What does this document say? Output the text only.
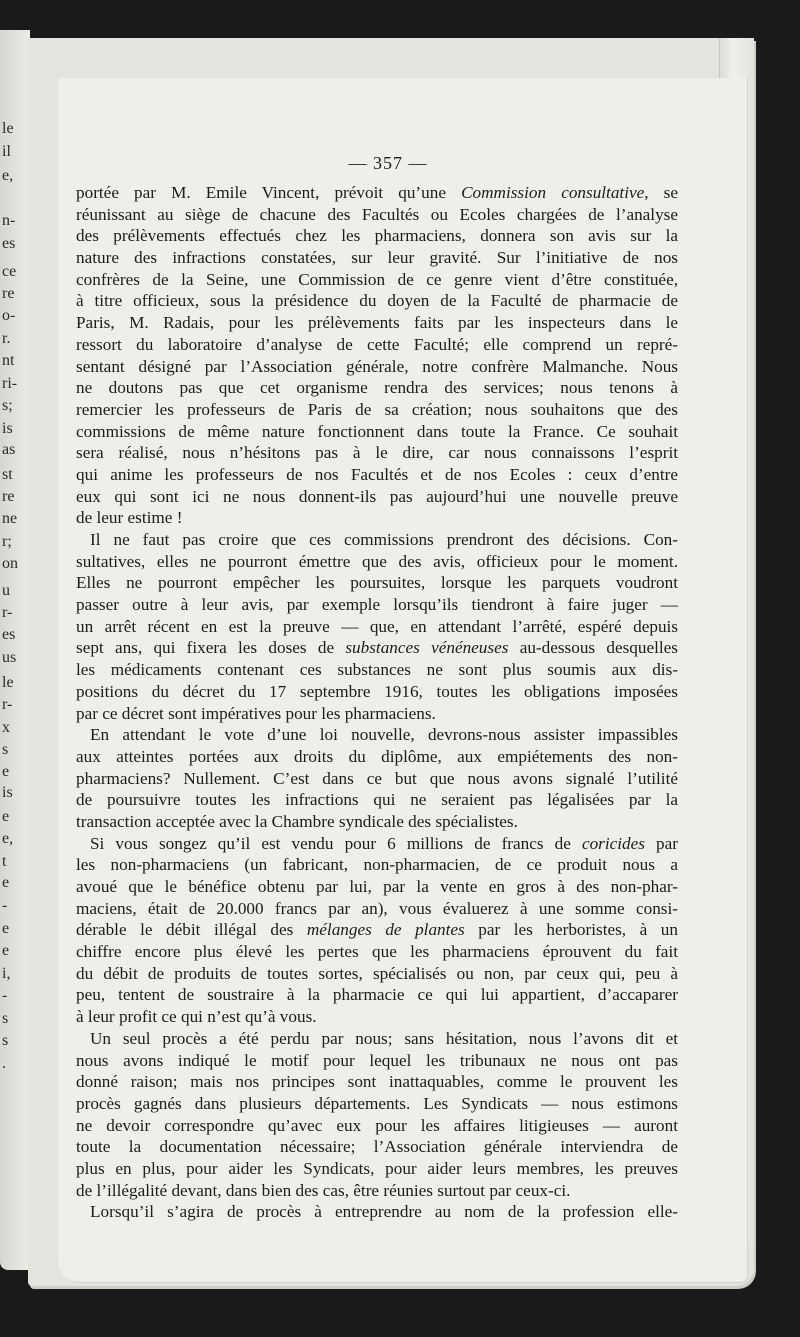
le
il
e,
n-
es
ce
re
o-
r.
nt
ri-
s;
is
as
st
re
ne
r;
on
u
r-
es
us
le
r-
x
s
e
is
e
e,
t
e
-
e
e
i,
-
s
s
.
— 357 —
portée par M. Emile Vincent, prévoit qu’une Commission consultative, se
réunissant au siège de chacune des Facultés ou Ecoles chargées de l’analyse
des prélèvements effectués chez les pharmaciens, donnera son avis sur la
nature des infractions constatées, sur leur gravité. Sur l’initiative de nos
confrères de la Seine, une Commission de ce genre vient d’être constituée,
à titre officieux, sous la présidence du doyen de la Faculté de pharmacie de
Paris, M. Radais, pour les prélèvements faits par les inspecteurs dans le
ressort du laboratoire d’analyse de cette Faculté; elle comprend un repré-
sentant désigné par l’Association générale, notre confrère Malmanche. Nous
ne doutons pas que cet organisme rendra des services; nous tenons à
remercier les professeurs de Paris de sa création; nous souhaitons que des
commissions de même nature fonctionnent dans toute la France. Ce souhait
sera réalisé, nous n’hésitons pas à le dire, car nous connaissons l’esprit
qui anime les professeurs de nos Facultés et de nos Ecoles : ceux d’entre
eux qui sont ici ne nous donnent-ils pas aujourd’hui une nouvelle preuve
de leur estime !
Il ne faut pas croire que ces commissions prendront des décisions. Con-
sultatives, elles ne pourront émettre que des avis, officieux pour le moment.
Elles ne pourront empêcher les poursuites, lorsque les parquets voudront
passer outre à leur avis, par exemple lorsqu’ils tiendront à faire juger —
un arrêt récent en est la preuve — que, en attendant l’arrêté, espéré depuis
sept ans, qui fixera les doses de substances vénéneuses au-dessous desquelles
les médicaments contenant ces substances ne sont plus soumis aux dis-
positions du décret du 17 septembre 1916, toutes les obligations imposées
par ce décret sont impératives pour les pharmaciens.
En attendant le vote d’une loi nouvelle, devrons-nous assister impassibles
aux atteintes portées aux droits du diplôme, aux empiétements des non-
pharmaciens? Nullement. C’est dans ce but que nous avons signalé l’utilité
de poursuivre toutes les infractions qui ne seraient pas légalisées par la
transaction acceptée avec la Chambre syndicale des spécialistes.
Si vous songez qu’il est vendu pour 6 millions de francs de coricides par
les non-pharmaciens (un fabricant, non-pharmacien, de ce produit nous a
avoué que le bénéfice obtenu par lui, par la vente en gros à des non-phar-
maciens, était de 20.000 francs par an), vous évaluerez à une somme consi-
dérable le débit illégal des mélanges de plantes par les herboristes, à un
chiffre encore plus élevé les pertes que les pharmaciens éprouvent du fait
du débit de produits de toutes sortes, spécialisés ou non, par ceux qui, peu à
peu, tentent de soustraire à la pharmacie ce qui lui appartient, d’accaparer
à leur profit ce qui n’est qu’à vous.
Un seul procès a été perdu par nous; sans hésitation, nous l’avons dit et
nous avons indiqué le motif pour lequel les tribunaux ne nous ont pas
donné raison; mais nos principes sont inattaquables, comme le prouvent les
procès gagnés dans plusieurs départements. Les Syndicats — nous estimons
ne devoir correspondre qu’avec eux pour les affaires litigieuses — auront
toute la documentation nécessaire; l’Association générale interviendra de
plus en plus, pour aider les Syndicats, pour aider leurs membres, les preuves
de l’illégalité devant, dans bien des cas, être réunies surtout par ceux-ci.
Lorsqu’il s’agira de procès à entreprendre au nom de la profession elle-
